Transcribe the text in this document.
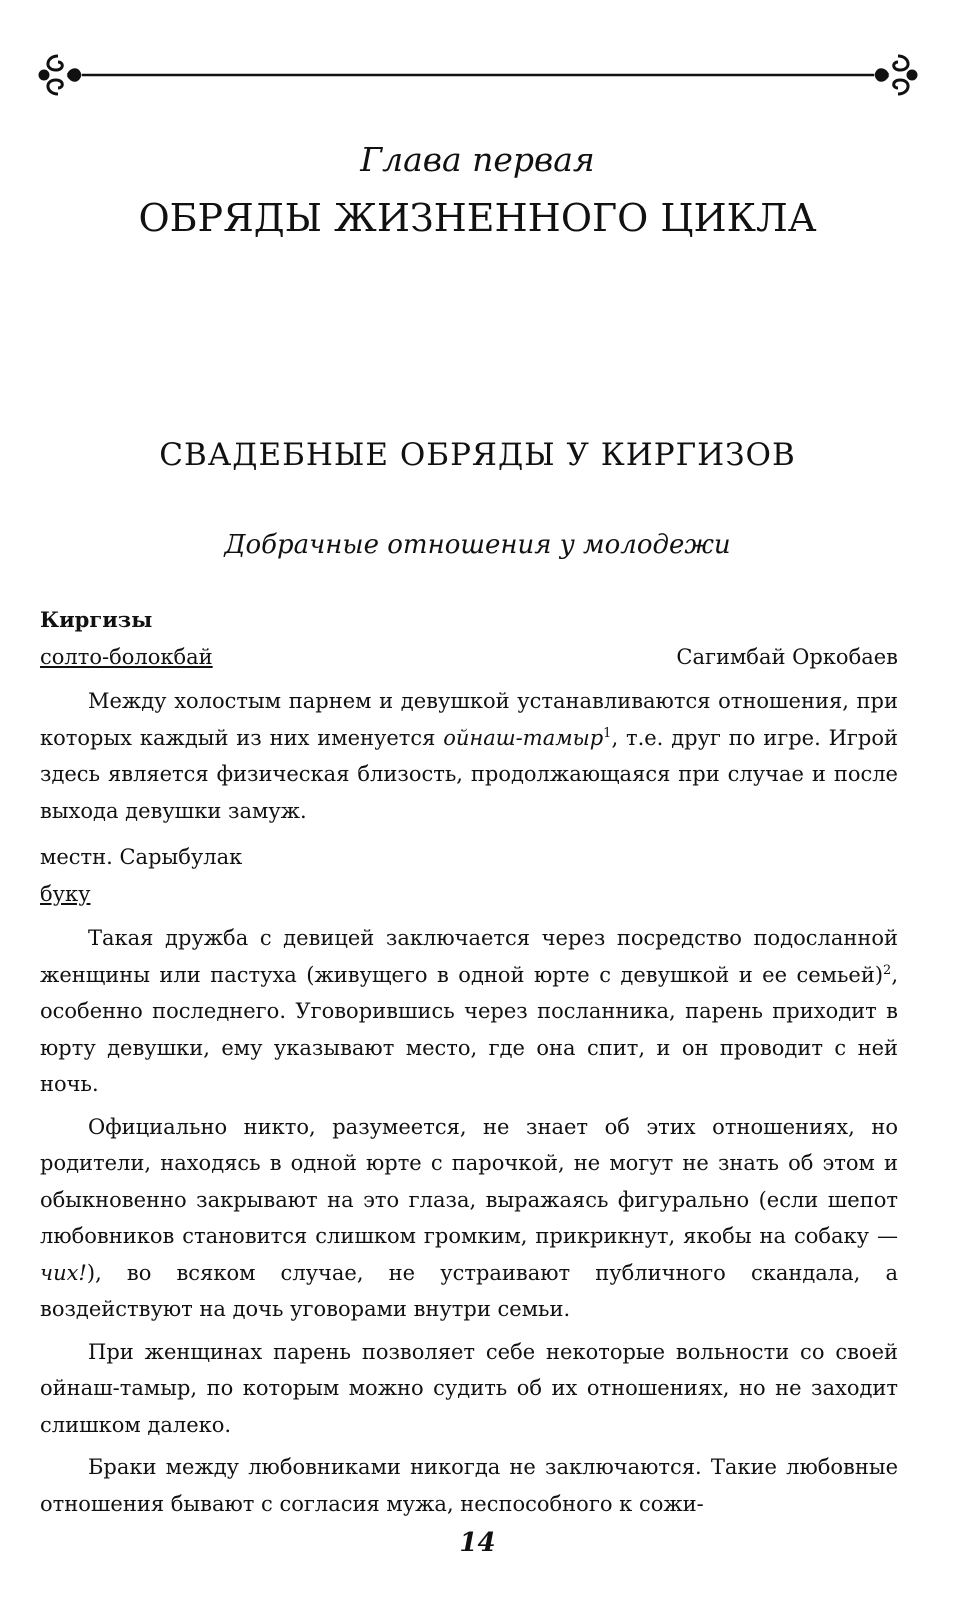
Глава первая
ОБРЯДЫ ЖИЗНЕННОГО ЦИКЛА
СВАДЕБНЫЕ ОБРЯДЫ У КИРГИЗОВ
Добрачные отношения у молодежи

Киргизы

солто-болокбай	Сагимбай Оркобаев

Между холостым парнем и девушкой устанавливаются отношения, при которых каждый из них именуется ойнаш-тамыр$^1$, т.е. друг по игре. Игрой здесь является физическая близость, продолжающаяся при случае и после выхода девушки замуж.

местн. Сарыбулак

буку

Такая дружба с девицей заключается через посредство подосланной женщины или пастуха (живущего в одной юрте с девушкой и ее семьей)$^2$, особенно последнего. Уговорившись через посланника, парень приходит в юрту девушки, ему указывают место, где она спит, и он проводит с ней ночь.

Официально никто, разумеется, не знает об этих отношениях, но родители, находясь в одной юрте с парочкой, не могут не знать об этом и обыкновенно закрывают на это глаза, выражаясь фигурально (если шепот любовников становится слишком громким, прикрикнут, якобы на собаку — чих!), во всяком случае, не устраивают публичного скандала, а воздействуют на дочь уговорами внутри семьи.

При женщинах парень позволяет себе некоторые вольности со своей ойнаш-тамыр, по которым можно судить об их отношениях, но не заходит слишком далеко.

Браки между любовниками никогда не заключаются. Такие любовные отношения бывают с согласия мужа, неспособного к сожи-

14
